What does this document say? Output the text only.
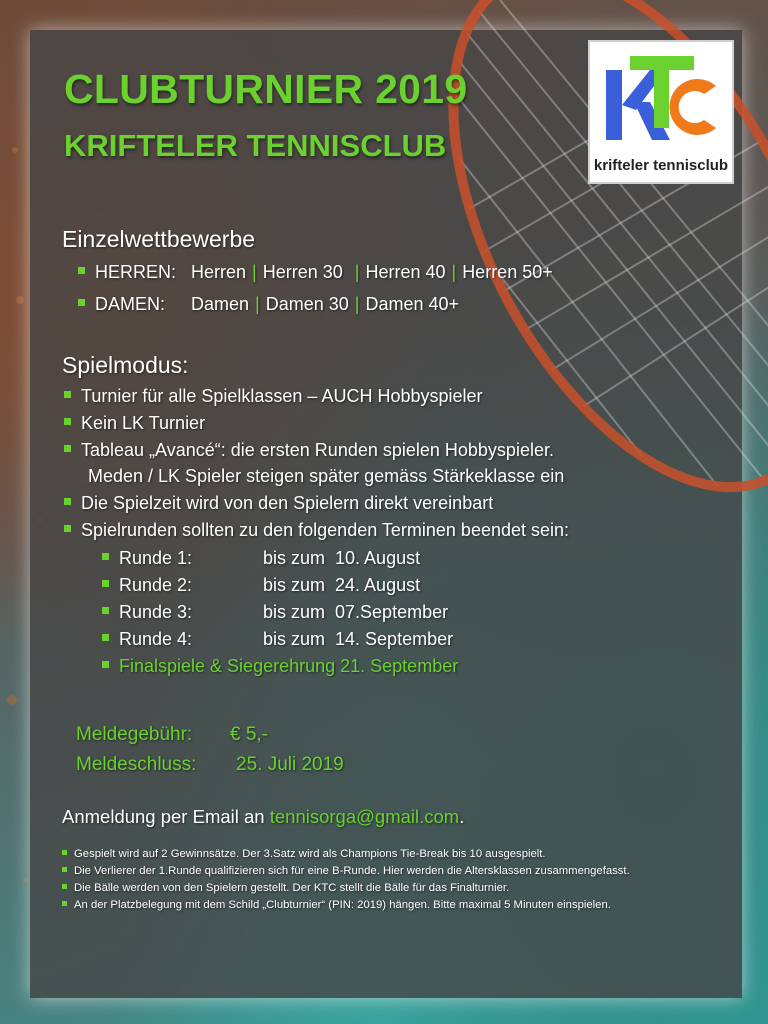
CLUBTURNIER 2019
KRIFTELER TENNISCLUB
krifteler tennisclub
Einzelwettbewerbe
HERREN: Herren | Herren 30 | Herren 40 | Herren 50+
DAMEN: Damen | Damen 30 | Damen 40+
Spielmodus:
Turnier für alle Spielklassen – AUCH Hobbyspieler
Kein LK Turnier
Tableau „Avancé“: die ersten Runden spielen Hobbyspieler.
Meden / LK Spieler steigen später gemäss Stärkeklasse ein
Die Spielzeit wird von den Spielern direkt vereinbart
Spielrunden sollten zu den folgenden Terminen beendet sein:
Runde 1:	bis zum  10. August
Runde 2:	bis zum  24. August
Runde 3:	bis zum  07.September
Runde 4:	bis zum  14. September
Finalspiele & Siegerehrung 21. September
Meldegebühr: € 5,-
Meldeschluss: 25. Juli 2019
Anmeldung per Email an tennisorga@gmail.com.
Gespielt wird auf 2 Gewinnsätze. Der 3.Satz wird als Champions Tie-Break bis 10 ausgespielt.
Die Verlierer der 1.Runde qualifizieren sich für eine B-Runde. Hier werden die Altersklassen zusammengefasst.
Die Bälle werden von den Spielern gestellt. Der KTC stellt die Bälle für das Finalturnier.
An der Platzbelegung mit dem Schild „Clubturnier“ (PIN: 2019) hängen. Bitte maximal 5 Minuten einspielen.
